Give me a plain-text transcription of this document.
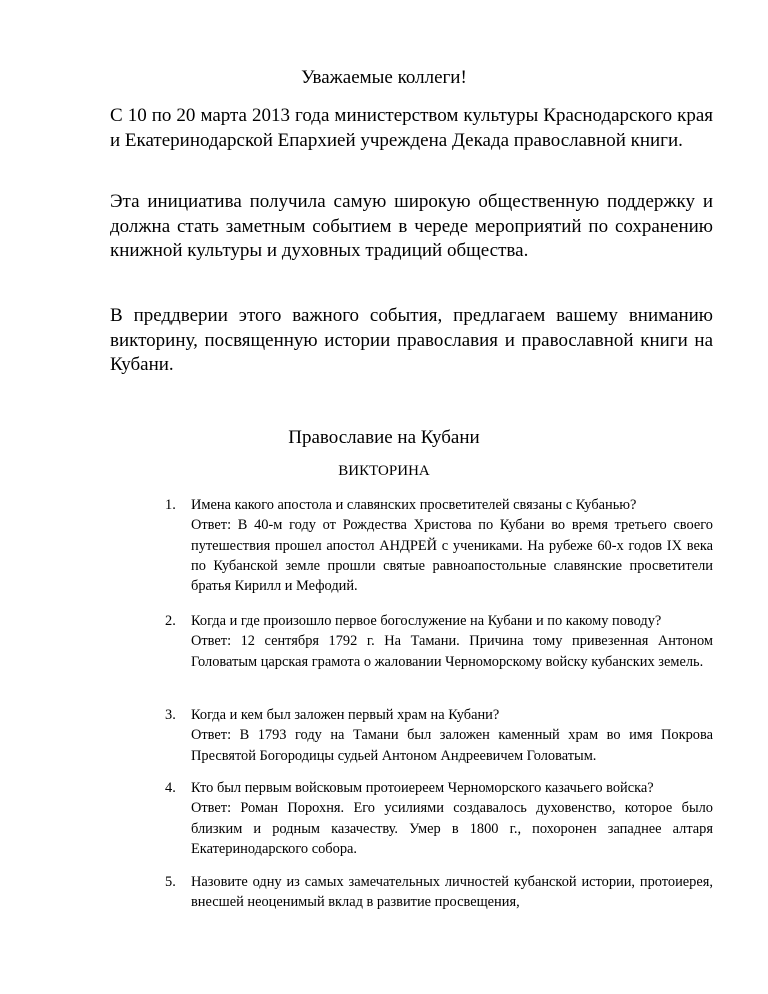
Уважаемые коллеги!

С 10 по 20 марта 2013 года министерством культуры Краснодарского края и Екатеринодарской Епархией учреждена Декада православной книги.

Эта инициатива получила самую широкую общественную поддержку и должна стать заметным событием в череде мероприятий по сохранению книжной культуры и духовных традиций общества.

В преддверии этого важного события, предлагаем вашему вниманию викторину, посвященную истории православия и православной книги на Кубани.

Православие на Кубани
ВИКТОРИНА
1.	Имена какого апостола и славянских просветителей связаны с Кубанью?
Ответ: В 40-м году от Рождества Христова по Кубани во время третьего своего путешествия прошел апостол АНДРЕЙ с учениками. На рубеже 60-х годов IX века по Кубанской земле прошли святые равноапостольные славянские просветители братья Кирилл и Мефодий.
2.	Когда и где произошло первое богослужение на Кубани и по какому поводу?
Ответ: 12 сентября 1792 г. На Тамани. Причина тому привезенная Антоном Головатым царская грамота о жаловании Черноморскому войску кубанских земель.
3.	Когда и кем был заложен первый храм на Кубани?
Ответ: В 1793 году на Тамани был заложен каменный храм во имя Покрова Пресвятой Богородицы судьей Антоном Андреевичем Головатым.
4.	Кто был первым войсковым протоиереем Черноморского казачьего войска?
Ответ: Роман Порохня. Его усилиями создавалось духовенство, которое было близким и родным казачеству. Умер в 1800 г., похоронен западнее алтаря Екатеринодарского собора.
5.	Назовите одну из самых замечательных личностей кубанской истории, протоиерея, внесшей неоценимый вклад в развитие просвещения,
